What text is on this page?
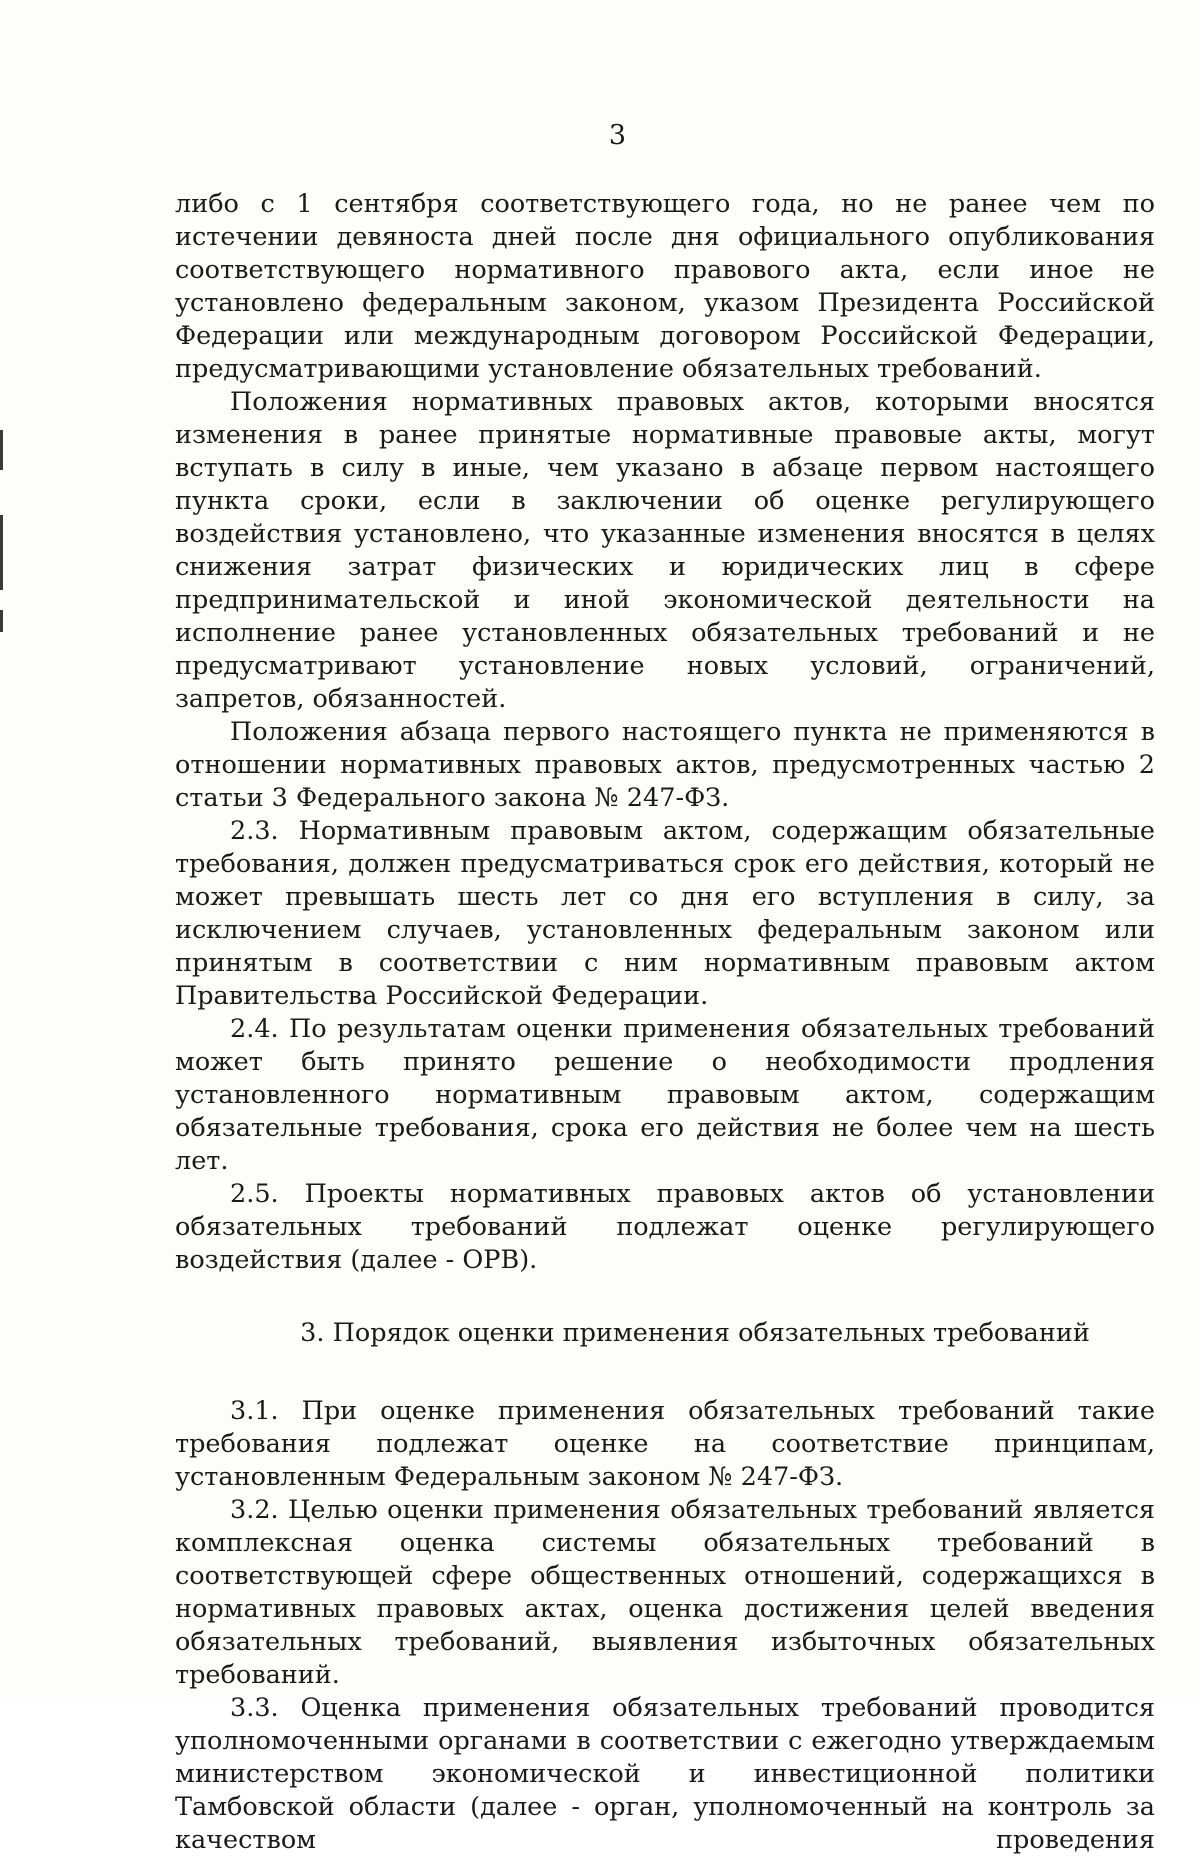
3

либо с 1 сентября соответствующего года, но не ранее чем по истечении девяноста дней после дня официального опубликования соответствующего нормативного правового акта, если иное не установлено федеральным законом, указом Президента Российской Федерации или международным договором Российской Федерации, предусматривающими установление обязательных требований.

Положения нормативных правовых актов, которыми вносятся изменения в ранее принятые нормативные правовые акты, могут вступать в силу в иные, чем указано в абзаце первом настоящего пункта сроки, если в заключении об оценке регулирующего воздействия установлено, что указанные изменения вносятся в целях снижения затрат физических и юридических лиц в сфере предпринимательской и иной экономической деятельности на исполнение ранее установленных обязательных требований и не предусматривают установление новых условий, ограничений, запретов, обязанностей.

Положения абзаца первого настоящего пункта не применяются в отношении нормативных правовых актов, предусмотренных частью 2 статьи 3 Федерального закона № 247-ФЗ.

2.3. Нормативным правовым актом, содержащим обязательные требования, должен предусматриваться срок его действия, который не может превышать шесть лет со дня его вступления в силу, за исключением случаев, установленных федеральным законом или принятым в соответствии с ним нормативным правовым актом Правительства Российской Федерации.

2.4. По результатам оценки применения обязательных требований может быть принято решение о необходимости продления установленного нормативным правовым актом, содержащим обязательные требования, срока его действия не более чем на шесть лет.

2.5. Проекты нормативных правовых актов об установлении обязательных требований подлежат оценке регулирующего воздействия (далее - ОРВ).

3. Порядок оценки применения обязательных требований

3.1. При оценке применения обязательных требований такие требования подлежат оценке на соответствие принципам, установленным Федеральным законом № 247-ФЗ.

3.2. Целью оценки применения обязательных требований является комплексная оценка системы обязательных требований в соответствующей сфере общественных отношений, содержащихся в нормативных правовых актах, оценка достижения целей введения обязательных требований, выявления избыточных обязательных требований.

3.3. Оценка применения обязательных требований проводится уполномоченными органами в соответствии с ежегодно утверждаемым министерством экономической и инвестиционной политики Тамбовской области (далее - орган, уполномоченный на контроль за качеством проведения
